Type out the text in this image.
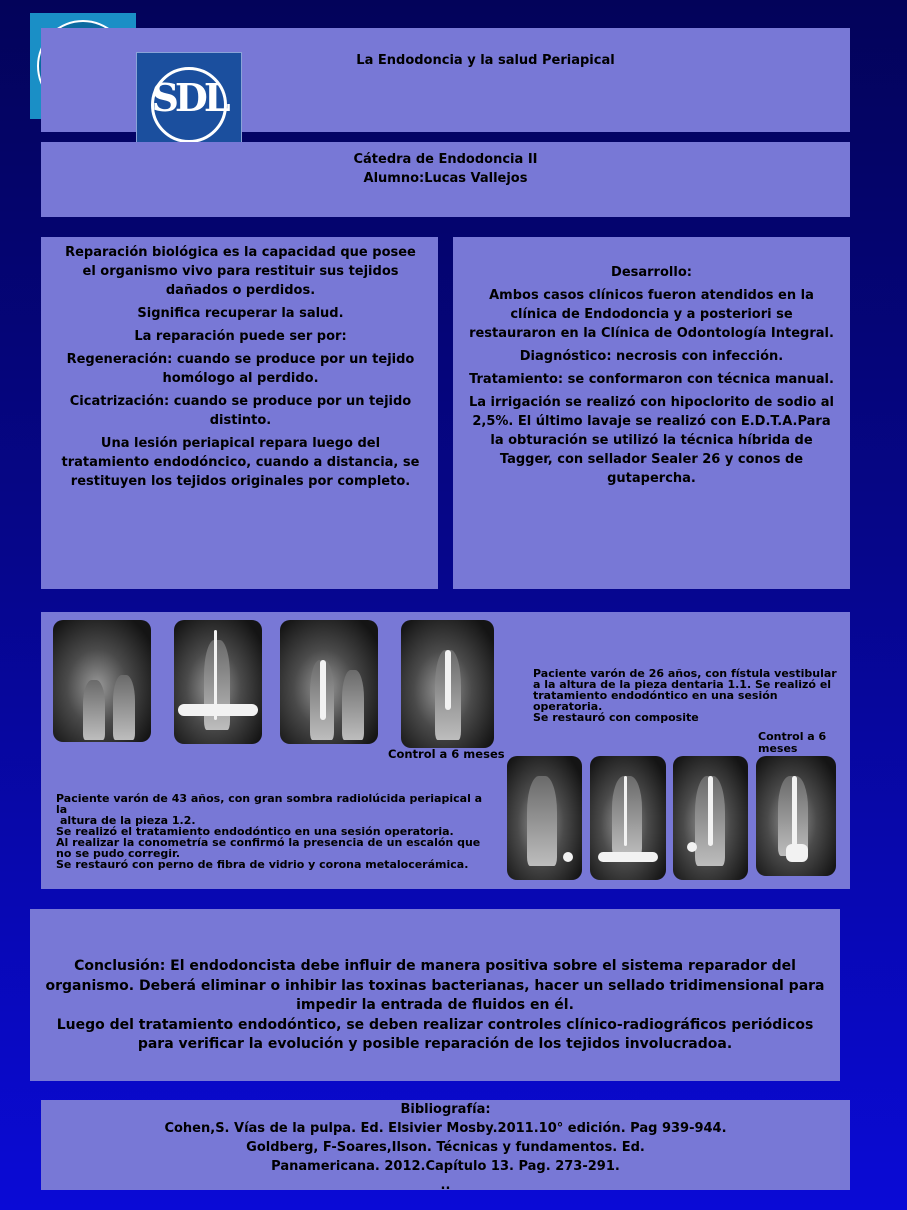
La Endodoncia y la salud Periapical
SDL
Cátedra de Endodoncia II
Alumno:Lucas Vallejos

Reparación biológica es la capacidad que posee el organismo vivo para restituir sus tejidos dañados o perdidos.

Significa recuperar la salud.

La reparación puede ser por:

Regeneración: cuando se produce por un tejido homólogo al perdido.

Cicatrización: cuando se produce por un tejido distinto.

Una lesión periapical repara luego del tratamiento endodóncico, cuando a distancia, se restituyen los tejidos originales por completo.

Desarrollo:

Ambos casos clínicos fueron atendidos en la clínica de Endodoncia y a posteriori se restauraron en la Clínica de Odontología Integral.

Diagnóstico: necrosis con infección.

Tratamiento: se conformaron con técnica manual.

La irrigación se realizó con hipoclorito de sodio al 2,5%. El último lavaje se realizó con E.D.T.A.Para la obturación se utilizó la técnica híbrida de Tagger, con sellador Sealer 26 y conos de gutapercha.

Control a 6 meses
Paciente varón de 43 años, con gran sombra radiolúcida periapical a la
altura de la pieza 1.2.
Se realizó el tratamiento endodóntico en una sesión operatoria.
Al realizar la conometría se confirmó la presencia de un escalón que
no se pudo corregir.
Se restauró con perno de fibra de vidrio y corona metalocerámica.
Paciente varón de 26 años, con fístula vestibular
a la altura de la pieza dentaria 1.1. Se realizó el
tratamiento endodóntico en una sesión operatoria.
Se restauró con composite
Control a 6
meses
Conclusión: El endodoncista debe influir de manera positiva sobre el sistema reparador del organismo. Deberá eliminar o inhibir las toxinas bacterianas, hacer un sellado tridimensional para impedir la entrada de fluidos en él.
Luego del tratamiento endodóntico, se deben realizar controles clínico-radiográficos periódicos para verificar la evolución y posible reparación de los tejidos involucradoa.
Bibliografía:
Cohen,S. Vías de la pulpa. Ed. Elsivier Mosby.2011.10° edición. Pag 939-944.
Goldberg, F-Soares,Ilson. Técnicas y fundamentos. Ed.
Panamericana. 2012.Capítulo 13. Pag. 273-291.
..
